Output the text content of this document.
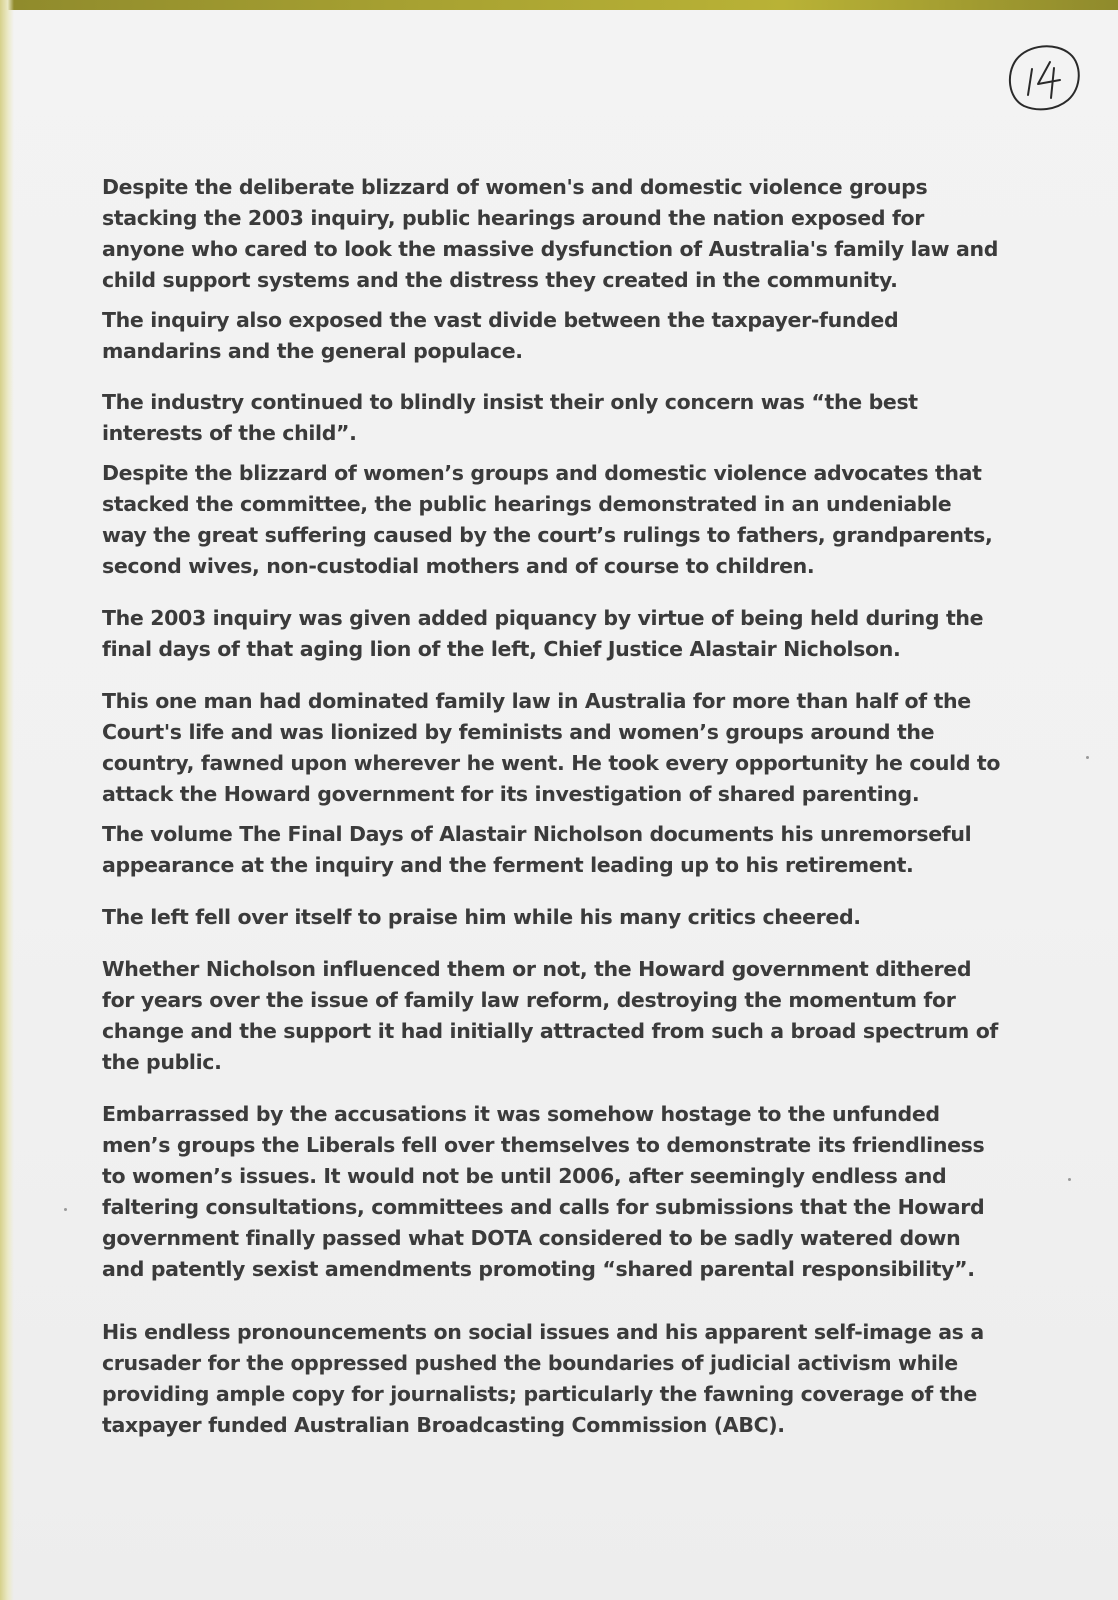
Despite the deliberate blizzard of women's and domestic violence groups stacking the 2003 inquiry, public hearings around the nation exposed for anyone who cared to look the massive dysfunction of Australia's family law and child support systems and the distress they created in the community.

The inquiry also exposed the vast divide between the taxpayer-funded mandarins and the general populace.

The industry continued to blindly insist their only concern was “the best interests of the child”.

Despite the blizzard of women’s groups and domestic violence advocates that stacked the committee, the public hearings demonstrated in an undeniable way the great suffering caused by the court’s rulings to fathers, grandparents, second wives, non-custodial mothers and of course to children.

The 2003 inquiry was given added piquancy by virtue of being held during the final days of that aging lion of the left, Chief Justice Alastair Nicholson.

This one man had dominated family law in Australia for more than half of the Court's life and was lionized by feminists and women’s groups around the country, fawned upon wherever he went. He took every opportunity he could to attack the Howard government for its investigation of shared parenting.

The volume The Final Days of Alastair Nicholson documents his unremorseful appearance at the inquiry and the ferment leading up to his retirement.

The left fell over itself to praise him while his many critics cheered.

Whether Nicholson influenced them or not, the Howard government dithered for years over the issue of family law reform, destroying the momentum for change and the support it had initially attracted from such a broad spectrum of the public.

Embarrassed by the accusations it was somehow hostage to the unfunded men’s groups the Liberals fell over themselves to demonstrate its friendliness to women’s issues. It would not be until 2006, after seemingly endless and faltering consultations, committees and calls for submissions that the Howard government finally passed what DOTA considered to be sadly watered down and patently sexist amendments promoting “shared parental responsibility”.

His endless pronouncements on social issues and his apparent self-image as a crusader for the oppressed pushed the boundaries of judicial activism while providing ample copy for journalists; particularly the fawning coverage of the taxpayer funded Australian Broadcasting Commission (ABC).
